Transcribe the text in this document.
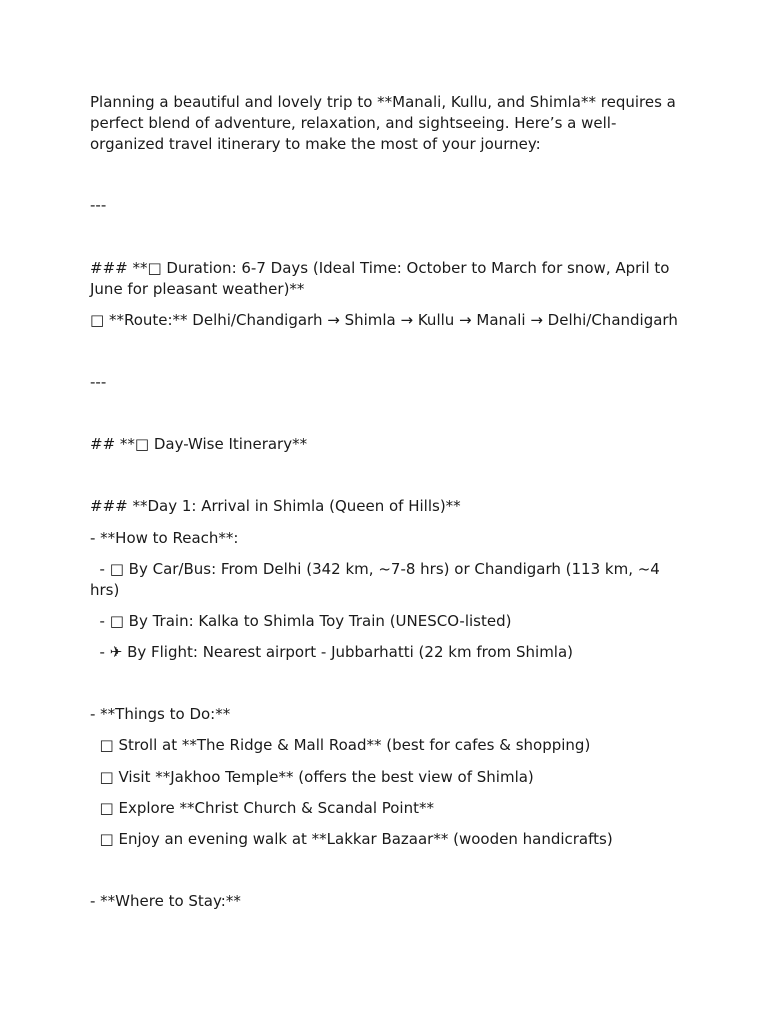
Planning a beautiful and lovely trip to **Manali, Kullu, and Shimla** requires a perfect blend of adventure, relaxation, and sightseeing. Here’s a well-organized travel itinerary to make the most of your journey:

---

### **□ Duration: 6-7 Days (Ideal Time: October to March for snow, April to June for pleasant weather)**

□ **Route:** Delhi/Chandigarh → Shimla → Kullu → Manali → Delhi/Chandigarh

---

## **□ Day-Wise Itinerary**

### **Day 1: Arrival in Shimla (Queen of Hills)**

- **How to Reach**:

- □ By Car/Bus: From Delhi (342 km, ~7-8 hrs) or Chandigarh (113 km, ~4 hrs)

- □ By Train: Kalka to Shimla Toy Train (UNESCO-listed)

- ✈ By Flight: Nearest airport - Jubbarhatti (22 km from Shimla)

- **Things to Do:**

□ Stroll at **The Ridge & Mall Road** (best for cafes & shopping)

□ Visit **Jakhoo Temple** (offers the best view of Shimla)

□ Explore **Christ Church & Scandal Point**

□ Enjoy an evening walk at **Lakkar Bazaar** (wooden handicrafts)

- **Where to Stay:**
